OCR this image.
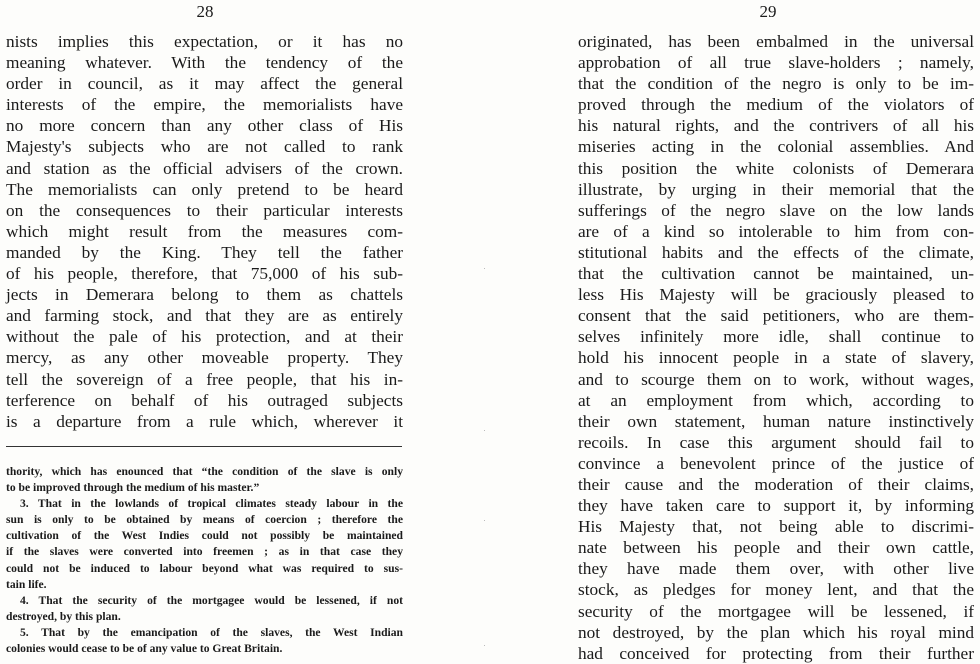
28	29
nists implies this expectation, or it has no
meaning whatever. With the tendency of the
order in council, as it may affect the general
interests of the empire, the memorialists have
no more concern than any other class of His
Majesty's subjects who are not called to rank
and station as the official advisers of the crown.
The memorialists can only pretend to be heard
on the consequences to their particular interests
which might result from the measures com-
manded by the King. They tell the father
of his people, therefore, that 75,000 of his sub-
jects in Demerara belong to them as chattels
and farming stock, and that they are as entirely
without the pale of his protection, and at their
mercy, as any other moveable property. They
tell the sovereign of a free people, that his in-
terference on behalf of his outraged subjects
is a departure from a rule which, wherever it
thority, which has enounced that “the condition of the slave is only
to be improved through the medium of his master.”
3. That in the lowlands of tropical climates steady labour in the
sun is only to be obtained by means of coercion ; therefore the
cultivation of the West Indies could not possibly be maintained
if the slaves were converted into freemen ; as in that case they
could not be induced to labour beyond what was required to sus-
tain life.
4. That the security of the mortgagee would be lessened, if not
destroyed, by this plan.
5. That by the emancipation of the slaves, the West Indian
colonies would cease to be of any value to Great Britain.
originated, has been embalmed in the universal
approbation of all true slave-holders ; namely,
that the condition of the negro is only to be im-
proved through the medium of the violators of
his natural rights, and the contrivers of all his
miseries acting in the colonial assemblies. And
this position the white colonists of Demerara
illustrate, by urging in their memorial that the
sufferings of the negro slave on the low lands
are of a kind so intolerable to him from con-
stitutional habits and the effects of the climate,
that the cultivation cannot be maintained, un-
less His Majesty will be graciously pleased to
consent that the said petitioners, who are them-
selves infinitely more idle, shall continue to
hold his innocent people in a state of slavery,
and to scourge them on to work, without wages,
at an employment from which, according to
their own statement, human nature instinctively
recoils. In case this argument should fail to
convince a benevolent prince of the justice of
their cause and the moderation of their claims,
they have taken care to support it, by informing
His Majesty that, not being able to discrimi-
nate between his people and their own cattle,
they have made them over, with other live
stock, as pledges for money lent, and that the
security of the mortgagee will be lessened, if
not destroyed, by the plan which his royal mind
had conceived for protecting from their further
